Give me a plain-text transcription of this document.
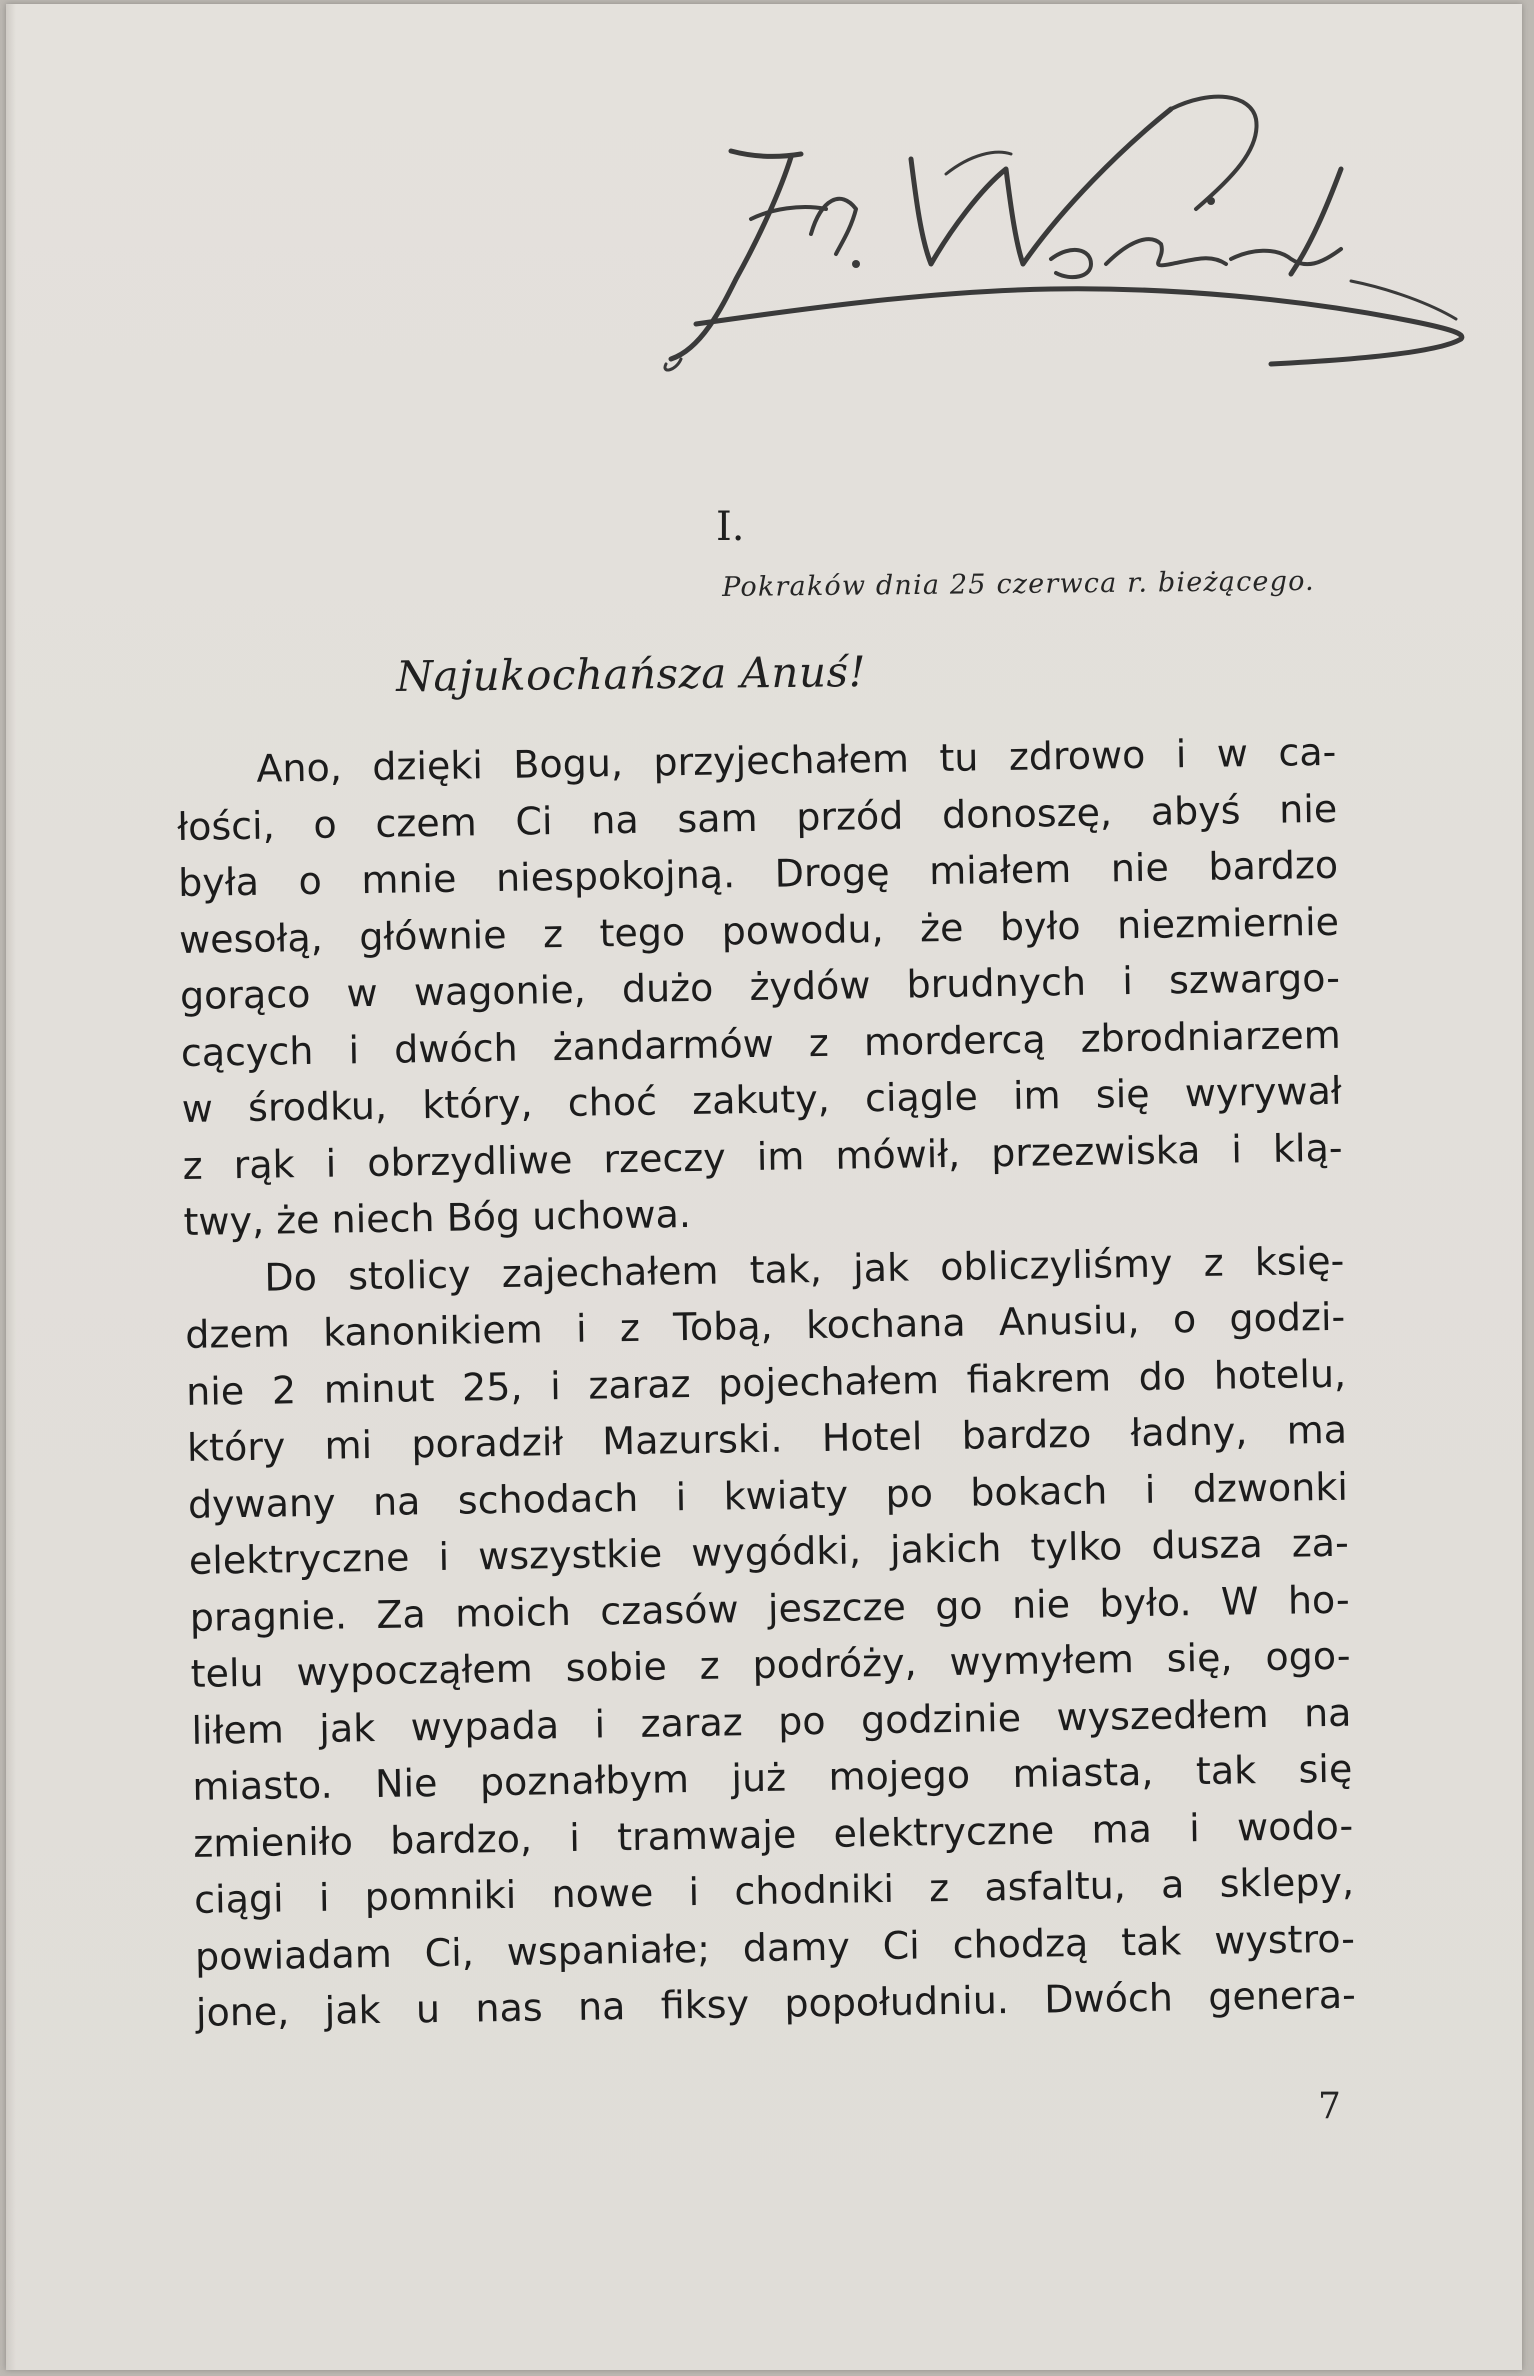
I.
Pokraków dnia 25 czerwca r. bieżącego.
Najukochańsza Anuś!
Ano, dzięki Bogu, przyjechałem tu zdrowo i w ca-
łości, o czem Ci na sam przód donoszę, abyś nie
była o mnie niespokojną. Drogę miałem nie bardzo
wesołą, głównie z tego powodu, że było niezmiernie
gorąco w wagonie, dużo żydów brudnych i szwargo-
cących i dwóch żandarmów z mordercą zbrodniarzem
w środku, który, choć zakuty, ciągle im się wyrywał
z rąk i obrzydliwe rzeczy im mówił, przezwiska i klą-
twy, że niech Bóg uchowa.
Do stolicy zajechałem tak, jak obliczyliśmy z księ-
dzem kanonikiem i z Tobą, kochana Anusiu, o godzi-
nie 2 minut 25, i zaraz pojechałem fiakrem do hotelu,
który mi poradził Mazurski. Hotel bardzo ładny, ma
dywany na schodach i kwiaty po bokach i dzwonki
elektryczne i wszystkie wygódki, jakich tylko dusza za-
pragnie. Za moich czasów jeszcze go nie było. W ho-
telu wypocząłem sobie z podróży, wymyłem się, ogo-
liłem jak wypada i zaraz po godzinie wyszedłem na
miasto. Nie poznałbym już mojego miasta, tak się
zmieniło bardzo, i tramwaje elektryczne ma i wodo-
ciągi i pomniki nowe i chodniki z asfaltu, a sklepy,
powiadam Ci, wspaniałe; damy Ci chodzą tak wystro-
jone, jak u nas na fiksy popołudniu. Dwóch genera-
7
